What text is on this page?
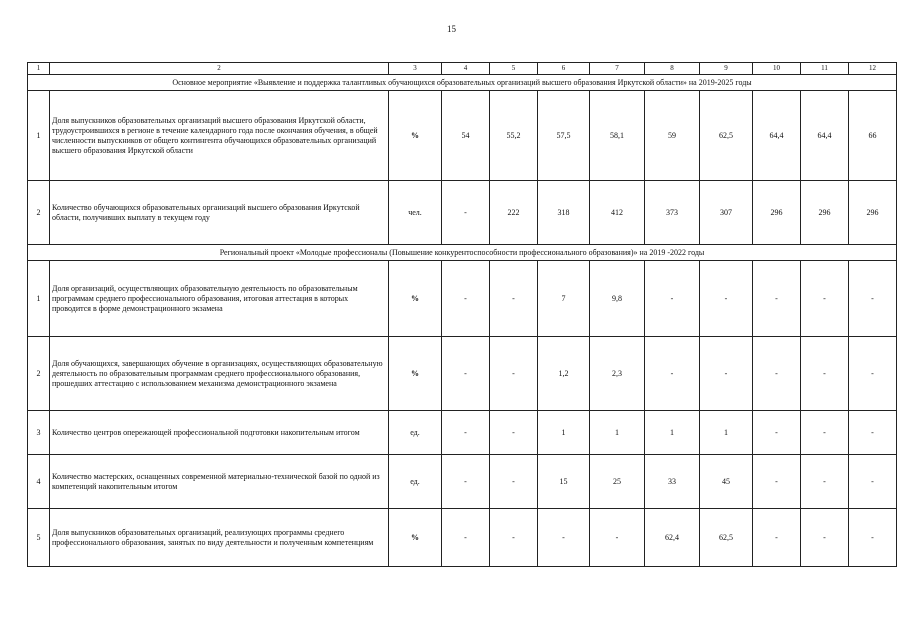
15
1	2	3	4	5	6	7	8	9	10	11	12
Основное мероприятие «Выявление и поддержка талантливых обучающихся образовательных организаций высшего образования Иркутской области» на 2019-2025 годы											
1	Доля выпускников образовательных организаций высшего образования Иркутской области, трудоустроившихся в регионе в течение календарного года после окончания обучения, в общей численности выпускников от общего контингента обучающихся образовательных организаций высшего образования Иркутской области	%	54	55,2	57,5	58,1	59	62,5	64,4	64,4	66
2	Количество обучающихся образовательных организаций высшего образования Иркутской области, получивших выплату в текущем году	чел.	-	222	318	412	373	307	296	296	296
Региональный проект «Молодые профессионалы (Повышение конкурентоспособности профессионального образования)» на 2019 -2022 годы											
1	Доля организаций, осуществляющих образовательную деятельность по образовательным программам среднего профессионального образования, итоговая аттестация в которых проводится в форме демонстрационного экзамена	%	-	-	7	9,8	-	-	-	-	-
2	Доля обучающихся, завершающих обучение в организациях, осуществляющих образовательную деятельность по образовательным программам среднего профессионального образования, прошедших аттестацию с использованием механизма демонстрационного экзамена	%	-	-	1,2	2,3	-	-	-	-	-
3	Количество центров опережающей профессиональной подготовки накопительным итогом	ед.	-	-	1	1	1	1	-	-	-
4	Количество мастерских, оснащенных современной материально-технической базой по одной из компетенций накопительным итогом	ед.	-	-	15	25	33	45	-	-	-
5	Доля выпускников образовательных организаций, реализующих программы среднего профессионального образования, занятых по виду деятельности и полученным компетенциям	%	-	-	-	-	62,4	62,5	-	-	-
